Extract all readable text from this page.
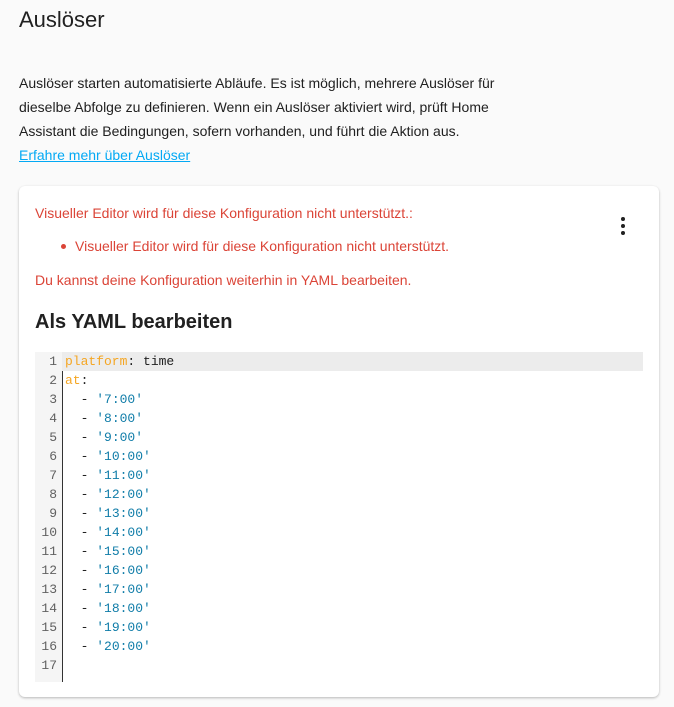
Auslöser
Auslöser starten automatisierte Abläufe. Es ist möglich, mehrere Auslöser für dieselbe Abfolge zu definieren. Wenn ein Auslöser aktiviert wird, prüft Home Assistant die Bedingungen, sofern vorhanden, und führt die Aktion aus.
Erfahre mehr über Auslöser
Visueller Editor wird für diese Konfiguration nicht unterstützt.:
Visueller Editor wird für diese Konfiguration nicht unterstützt.
Du kannst deine Konfiguration weiterhin in YAML bearbeiten.
Als YAML bearbeiten
1 platform: time
2 at:
3 - '7:00'
4 - '8:00'
5 - '9:00'
6 - '10:00'
7 - '11:00'
8 - '12:00'
9 - '13:00'
10 - '14:00'
11 - '15:00'
12 - '16:00'
13 - '17:00'
14 - '18:00'
15 - '19:00'
16 - '20:00'
17
